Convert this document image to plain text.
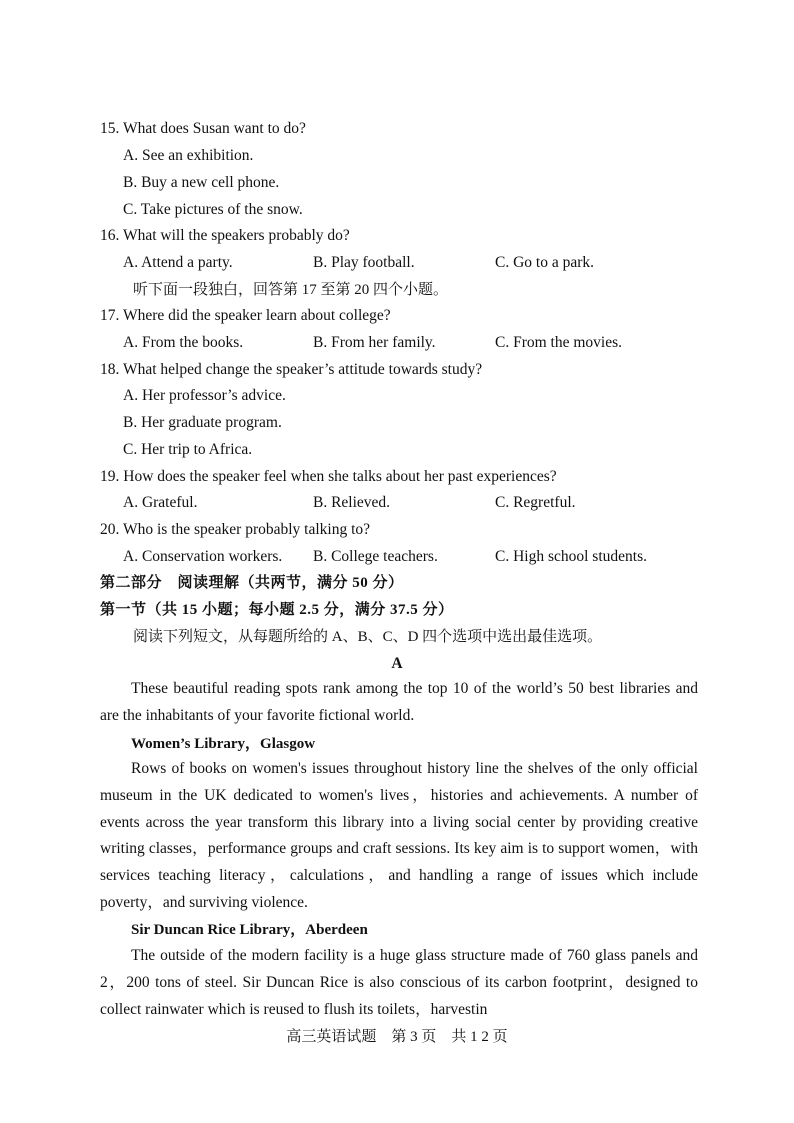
15. What does Susan want to do?
A. See an exhibition.
B. Buy a new cell phone.
C. Take pictures of the snow.
16. What will the speakers probably do?
A. Attend a party.	B. Play football.	C. Go to a park.
听下面一段独白，回答第 17 至第 20 四个小题。
17. Where did the speaker learn about college?
A. From the books.	B. From her family.	C. From the movies.
18. What helped change the speaker’s attitude towards study?
A. Her professor’s advice.
B. Her graduate program.
C. Her trip to Africa.
19. How does the speaker feel when she talks about her past experiences?
A. Grateful.	B. Relieved.	C. Regretful.
20. Who is the speaker probably talking to?
A. Conservation workers. B. College teachers.	C. High school students.
第二部分　阅读理解（共两节，满分 50 分）
第一节（共 15 小题；每小题 2.5 分，满分 37.5 分）
阅读下列短文，从每题所给的 A、B、C、D 四个选项中选出最佳选项。
A
These beautiful reading spots rank among the top 10 of the world’s 50 best libraries and are the inhabitants of your favorite fictional world.
Women’s Library，Glasgow
Rows of books on women's issues throughout history line the shelves of the only official museum in the UK dedicated to women's lives，histories and achievements. A number of events across the year transform this library into a living social center by providing creative writing classes，performance groups and craft sessions. Its key aim is to support women，with services teaching literacy，calculations，and handling a range of issues which include poverty，and surviving violence.
Sir Duncan Rice Library，Aberdeen
The outside of the modern facility is a huge glass structure made of 760 glass panels and 2，200 tons of steel. Sir Duncan Rice is also conscious of its carbon footprint，designed to collect rainwater which is reused to flush its toilets，harvestin
高三英语试题　第 3 页　共 1 2 页
